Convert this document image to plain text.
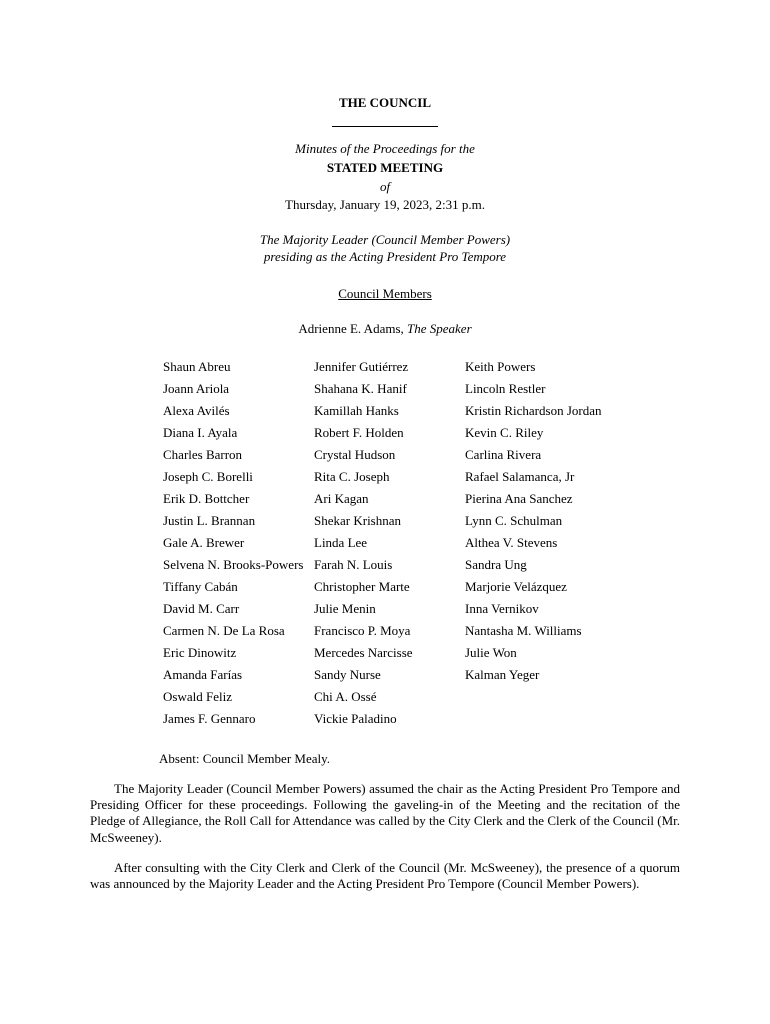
THE COUNCIL
Minutes of the Proceedings for the
STATED MEETING
of
Thursday, January 19, 2023, 2:31 p.m.
The Majority Leader (Council Member Powers)
presiding as the Acting President Pro Tempore
Council Members
Adrienne E. Adams, The Speaker
Shaun Abreu
Joann Ariola
Alexa Avilés
Diana I. Ayala
Charles Barron
Joseph C. Borelli
Erik D. Bottcher
Justin L. Brannan
Gale A. Brewer
Selvena N. Brooks-Powers
Tiffany Cabán
David M. Carr
Carmen N. De La Rosa
Eric Dinowitz
Amanda Farías
Oswald Feliz
James F. Gennaro
Jennifer Gutiérrez
Shahana K. Hanif
Kamillah Hanks
Robert F. Holden
Crystal Hudson
Rita C. Joseph
Ari Kagan
Shekar Krishnan
Linda Lee
Farah N. Louis
Christopher Marte
Julie Menin
Francisco P. Moya
Mercedes Narcisse
Sandy Nurse
Chi A. Ossé
Vickie Paladino
Keith Powers
Lincoln Restler
Kristin Richardson Jordan
Kevin C. Riley
Carlina Rivera
Rafael Salamanca, Jr
Pierina Ana Sanchez
Lynn C. Schulman
Althea V. Stevens
Sandra Ung
Marjorie Velázquez
Inna Vernikov
Nantasha M. Williams
Julie Won
Kalman Yeger
Absent: Council Member Mealy.

The Majority Leader (Council Member Powers) assumed the chair as the Acting President Pro Tempore and Presiding Officer for these proceedings. Following the gaveling-in of the Meeting and the recitation of the Pledge of Allegiance, the Roll Call for Attendance was called by the City Clerk and the Clerk of the Council (Mr. McSweeney).

After consulting with the City Clerk and Clerk of the Council (Mr. McSweeney), the presence of a quorum was announced by the Majority Leader and the Acting President Pro Tempore (Council Member Powers).
